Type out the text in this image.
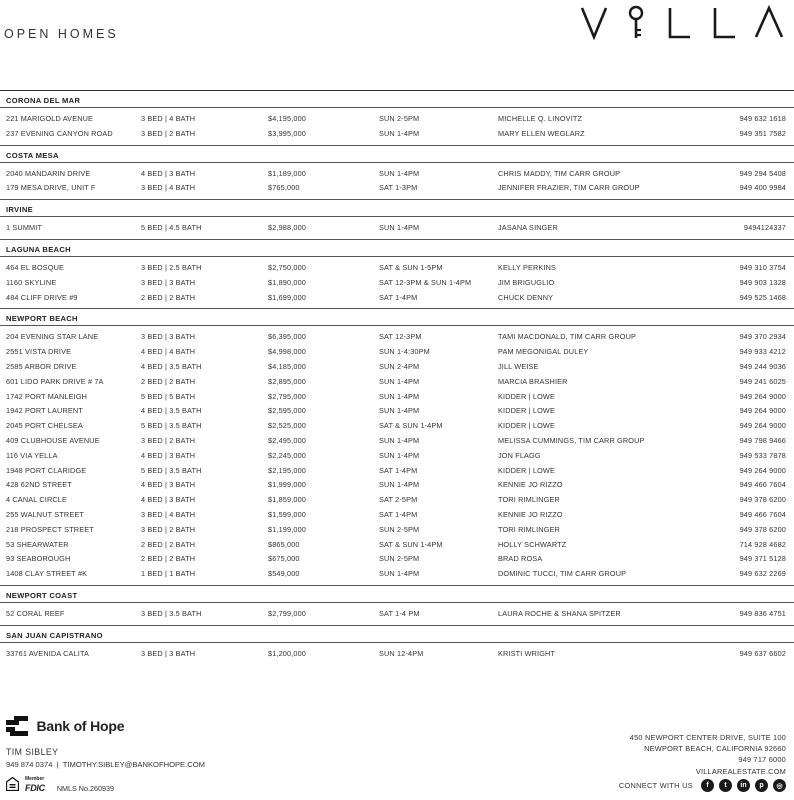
OPEN HOMES
CORONA DEL MAR
221 MARIGOLD AVENUE	3 BED | 4 BATH	$4,195,000	SUN 2-5PM	MICHELLE Q. LINOVITZ	949 632 1618
237 EVENING CANYON ROAD	3 BED | 2 BATH	$3,995,000	SUN 1-4PM	MARY ELLEN WEGLARZ	949 351 7582
COSTA MESA
2040 MANDARIN DRIVE	4 BED | 3 BATH	$1,189,000	SUN 1-4PM	CHRIS MADDY, TIM CARR GROUP	949 294 5408
179 MESA DRIVE, UNIT F	3 BED | 4 BATH	$765,000	SAT 1-3PM	JENNIFER FRAZIER, TIM CARR GROUP	949 400 9984
IRVINE
1 SUMMIT	5 BED | 4.5 BATH	$2,988,000	SUN 1-4PM	JASANA SINGER	9494124337
LAGUNA BEACH
464 EL BOSQUE	3 BED | 2.5 BATH	$2,750,000	SAT & SUN 1-5PM	KELLY PERKINS	949 310 3754
1160 SKYLINE	3 BED | 3 BATH	$1,890,000	SAT 12-3PM & SUN 1-4PM	JIM BRIGUGLIO	949 903 1328
484 CLIFF DRIVE #9	2 BED | 2 BATH	$1,699,000	SAT 1-4PM	CHUCK DENNY	949 525 1468
NEWPORT BEACH
204 EVENING STAR LANE	3 BED | 3 BATH	$6,395,000	SAT 12-3PM	TAMI MACDONALD, TIM CARR GROUP	949 370 2934
2551 VISTA DRIVE	4 BED | 4 BATH	$4,998,000	SUN 1-4:30PM	PAM MEGONIGAL DULEY	949 933 4212
2585 ARBOR DRIVE	4 BED | 3.5 BATH	$4,185,000	SUN 2-4PM	JILL WEISE	949 244 9036
601 LIDO PARK DRIVE # 7A	2 BED | 2 BATH	$2,895,000	SUN 1-4PM	MARCIA BRASHIER	949 241 6025
1742 PORT MANLEIGH	5 BED | 5 BATH	$2,795,000	SUN 1-4PM	KIDDER | LOWE	949 264 9000
1942 PORT LAURENT	4 BED | 3.5 BATH	$2,595,000	SUN 1-4PM	KIDDER | LOWE	949 264 9000
2045 PORT CHELSEA	5 BED | 3.5 BATH	$2,525,000	SAT & SUN 1-4PM	KIDDER | LOWE	949 264 9000
409 CLUBHOUSE AVENUE	3 BED | 2 BATH	$2,495,000	SUN 1-4PM	MELISSA CUMMINGS, TIM CARR GROUP	949 798 9466
116 VIA YELLA	4 BED | 3 BATH	$2,245,000	SUN 1-4PM	JON FLAGG	949 533 7878
1948 PORT CLARIDGE	5 BED | 3.5 BATH	$2,195,000	SAT 1-4PM	KIDDER | LOWE	949 264 9000
428 62ND STREET	4 BED | 3 BATH	$1,999,000	SUN 1-4PM	KENNIE JO RIZZO	949 466 7604
4 CANAL CIRCLE	4 BED | 3 BATH	$1,859,000	SAT 2-5PM	TORI RIMLINGER	949 378 6200
255 WALNUT STREET	3 BED | 4 BATH	$1,599,000	SAT 1-4PM	KENNIE JO RIZZO	949 466 7604
218 PROSPECT STREET	3 BED | 2 BATH	$1,199,000	SUN 2-5PM	TORI RIMLINGER	949 378 6200
53 SHEARWATER	2 BED | 2 BATH	$865,000	SAT & SUN 1-4PM	HOLLY SCHWARTZ	714 928 4682
93 SEABOROUGH	2 BED | 2 BATH	$675,000	SUN 2-5PM	BRAD ROSA	949 371 5128
1408 CLAY STREET #K	1 BED | 1 BATH	$549,000	SUN 1-4PM	DOMINIC TUCCI, TIM CARR GROUP	949 632 2269
NEWPORT COAST
52 CORAL REEF	3 BED | 3.5 BATH	$2,799,000	SAT 1-4 PM	LAURA ROCHE & SHANA SPITZER	949 836 4751
SAN JUAN CAPISTRANO
33761 AVENIDA CALITA	3 BED | 3 BATH	$1,200,000	SUN 12-4PM	KRISTI WRIGHT	949 637 6602
Bank of Hope
TIM SIBLEY
949 874 0374 | TIMOTHY.SIBLEY@BANKOFHOPE.COM
Member
FDIC NMLS No.260939
450 NEWPORT CENTER DRIVE, SUITE 100
NEWPORT BEACH, CALIFORNIA 92660
949 717 6000
VILLAREALESTATE.COM
CONNECT WITH US	f	t	in	p	◎
